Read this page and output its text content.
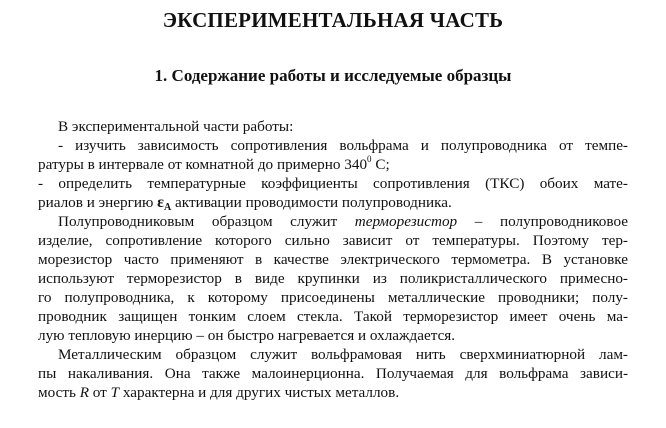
ЭКСПЕРИМЕНТАЛЬНАЯ ЧАСТЬ
1. Содержание работы и исследуемые образцы
В экспериментальной части работы:
- изучить зависимость сопротивления вольфрама и полупроводника от темпе-
ратуры в интервале от комнатной до примерно $340^0$ С;
- определить температурные коэффициенты сопротивления (ТКС) обоих мате-
риалов и энергию $\varepsilon_A$ активации проводимости полупроводника.
Полупроводниковым образцом служит терморезистор – полупроводниковое
изделие, сопротивление которого сильно зависит от температуры. Поэтому тер-
морезистор часто применяют в качестве электрического термометра. В установке
используют терморезистор в виде крупинки из поликристаллического примесно-
го полупроводника, к которому присоединены металлические проводники; полу-
проводник защищен тонким слоем стекла. Такой терморезистор имеет очень ма-
лую тепловую инерцию – он быстро нагревается и охлаждается.
Металлическим образцом служит вольфрамовая нить сверхминиатюрной лам-
пы накаливания. Она также малоинерционна. Получаемая для вольфрама зависи-
мость R от T характерна и для других чистых металлов.
